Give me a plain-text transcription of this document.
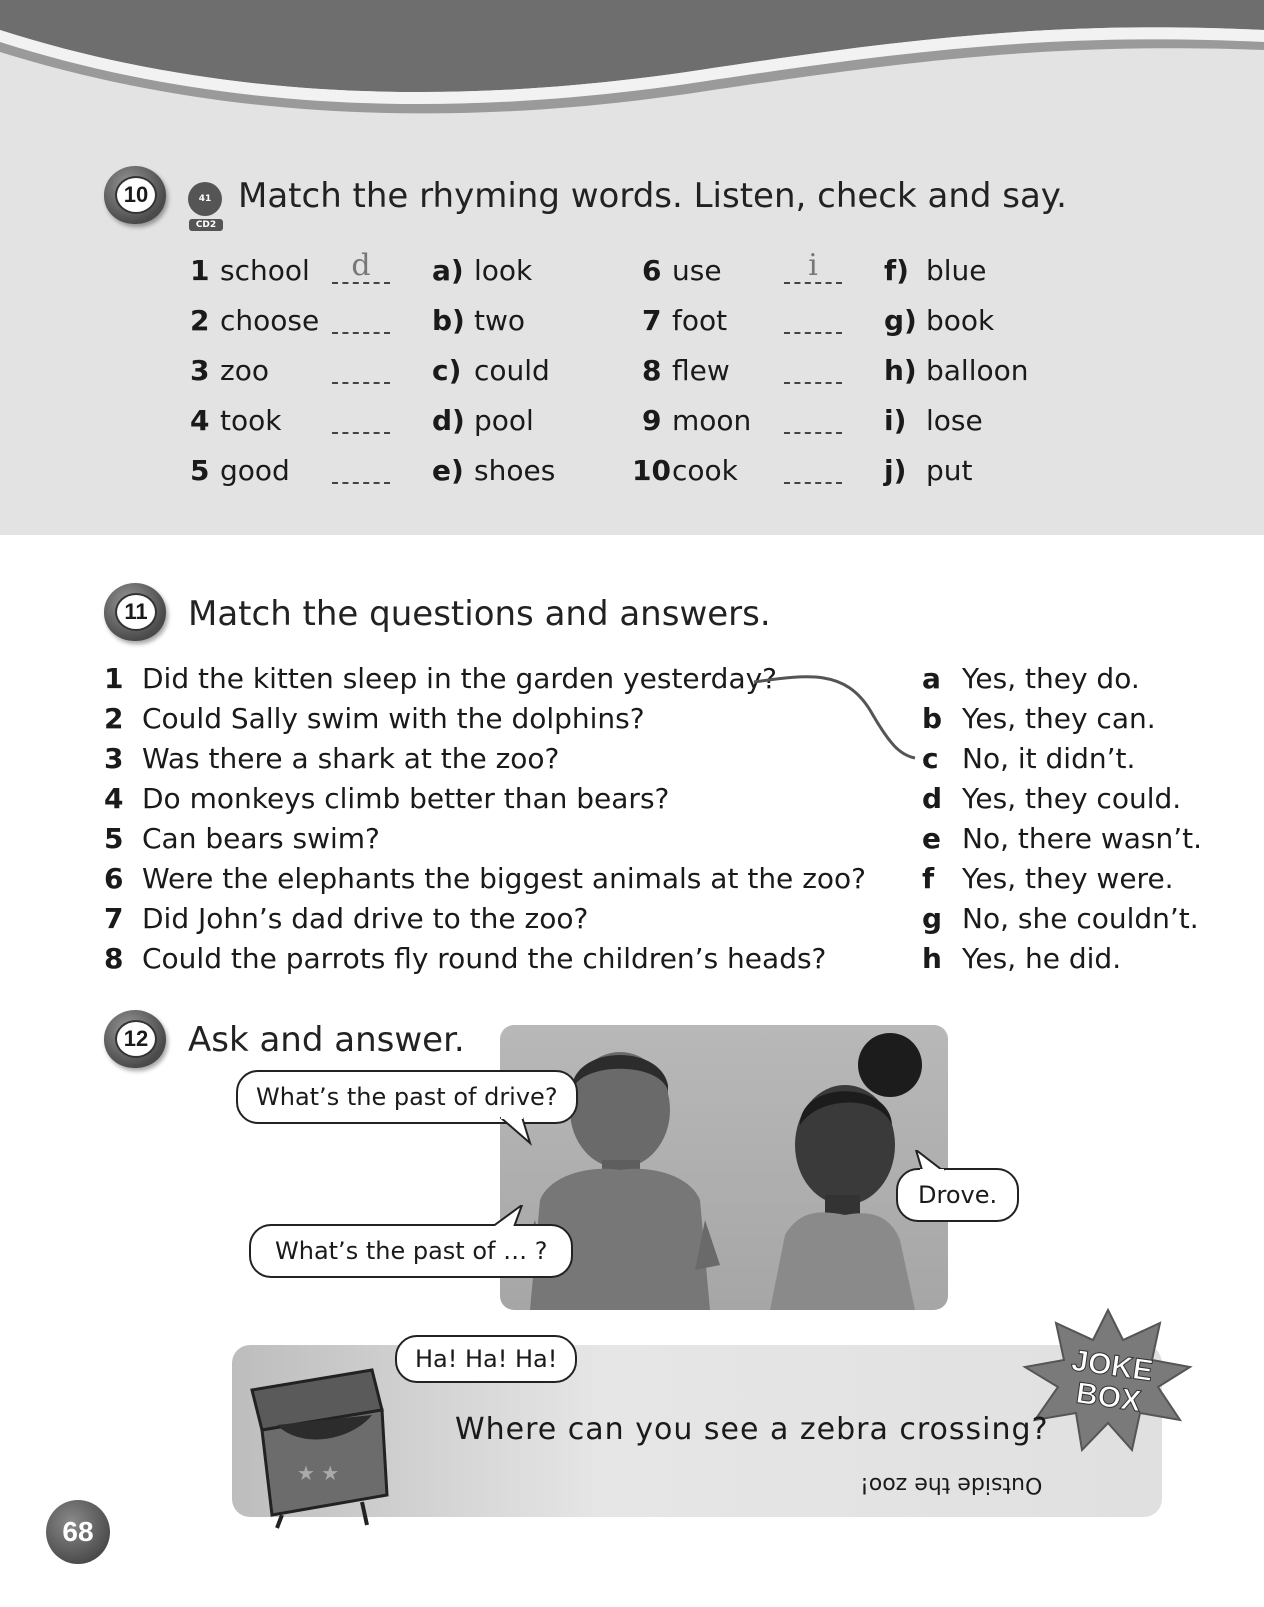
10	41
CD2
Match the rhyming words. Listen, check and say.
1 school	d	a) look
2 choose	b) two
3 zoo	c) could
4 took	d) pool
5 good	e) shoes
6 use	i	f) blue
7 foot	g) book
8 flew	h) balloon
9 moon	i) lose
10 cook	j) put
11 Match the questions and answers.
1 Did the kitten sleep in the garden yesterday?
2 Could Sally swim with the dolphins?
3 Was there a shark at the zoo?
4 Do monkeys climb better than bears?
5 Can bears swim?
6 Were the elephants the biggest animals at the zoo?
7 Did John’s dad drive to the zoo?
8 Could the parrots fly round the children’s heads?
a Yes, they do.
b Yes, they can.
c No, it didn’t.
d Yes, they could.
e No, there wasn’t.
f Yes, they were.
g No, she couldn’t.
h Yes, he did.
12 Ask and answer.
What’s the past of drive?
Drove.
What’s the past of … ?
★ ★
Ha! Ha! Ha!	JOKE
BOX
Where can you see a zebra crossing?
Outside the zoo!
68
